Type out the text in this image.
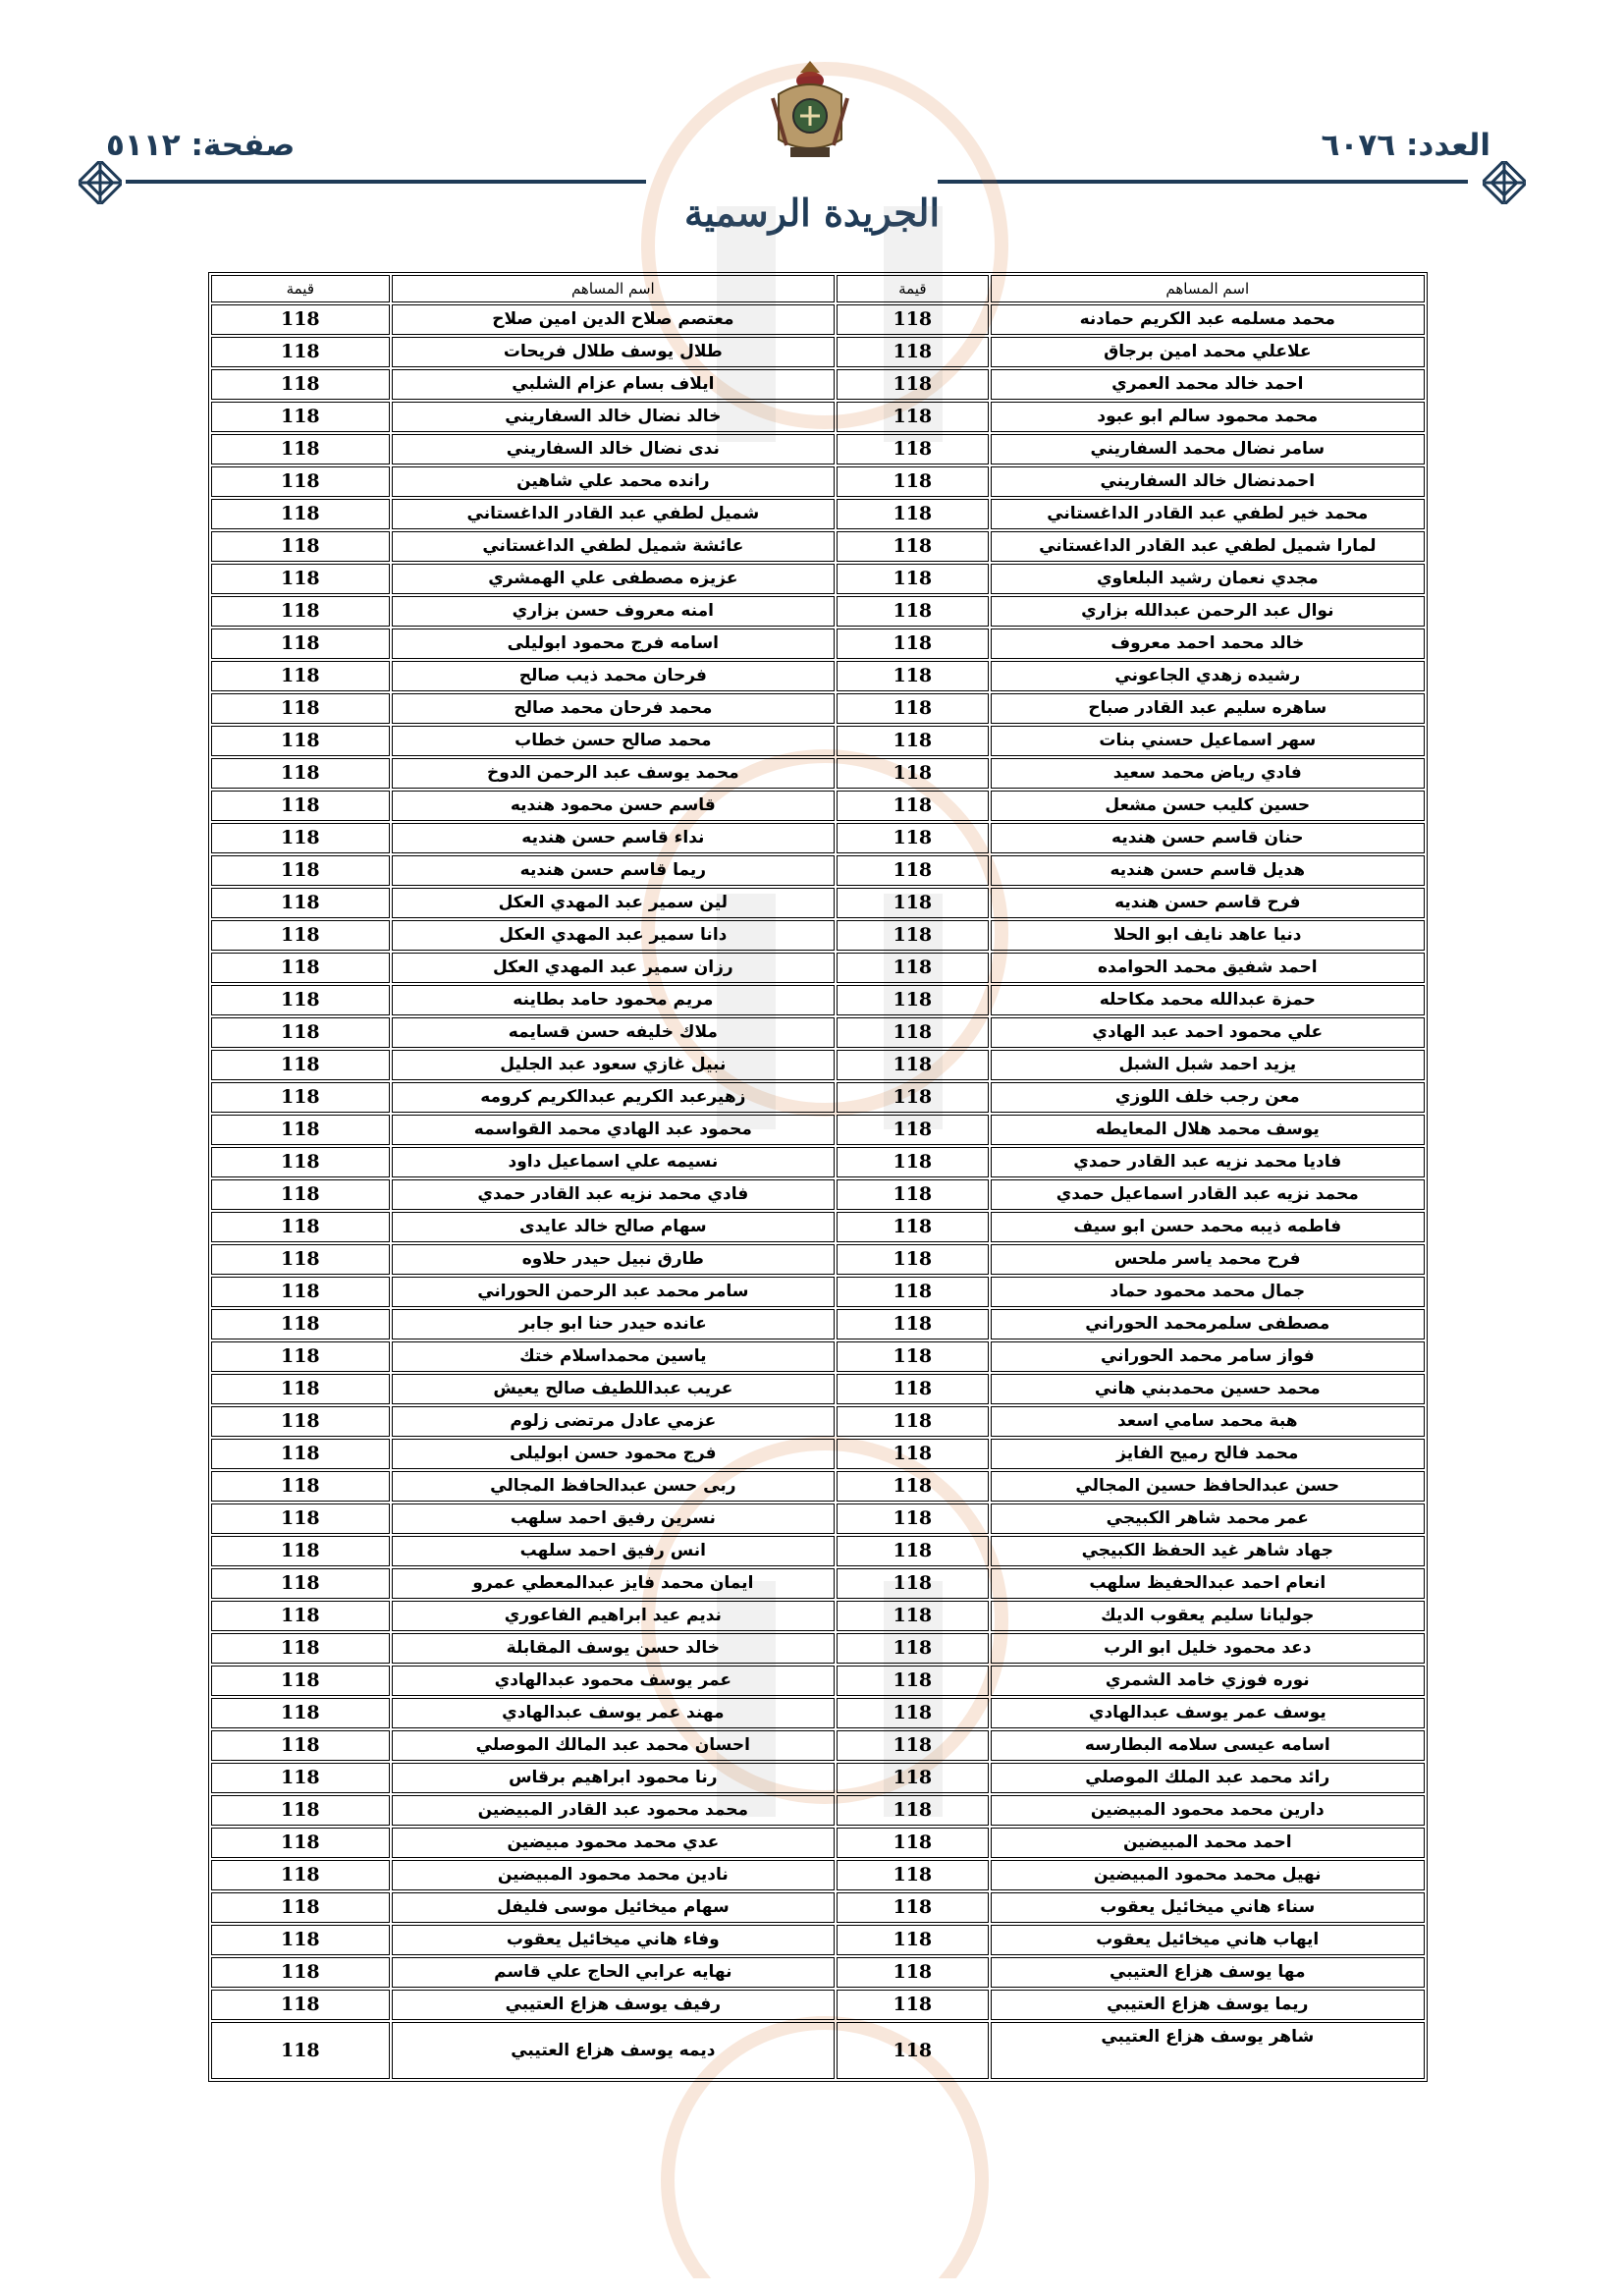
العدد: ٦٠٧٦
صفحة: ٥١١٢
الجريدة الرسمية
اسم المساهم	قيمة	اسم المساهم	قيمة
محمد مسلمه عبد الكريم حمادنه	118	معتصم صلاح الدين امين صلاح	118
علاعلي محمد امين برجاق	118	طلال يوسف طلال فريحات	118
احمد خالد محمد العمري	118	ايلاف بسام عزام الشلبي	118
محمد محمود سالم ابو عبود	118	خالد نضال خالد السفاريني	118
سامر نضال محمد السفاريني	118	ندى نضال خالد السفاريني	118
احمدنضال خالد السفاريني	118	رانده محمد علي شاهين	118
محمد خير لطفي عبد القادر الداغستاني	118	شميل لطفي عبد القادر الداغستاني	118
لمارا شميل لطفي عبد القادر الداغستاني	118	عائشة شميل لطفي الداغستاني	118
مجدي نعمان رشيد البلعاوي	118	عزيزه مصطفى علي الهمشري	118
نوال عبد الرحمن عبدالله بزاري	118	امنه معروف حسن بزاري	118
خالد محمد احمد معروف	118	اسامه فرج محمود ابوليلى	118
رشيده زهدي الجاعوني	118	فرحان محمد ذيب صالح	118
ساهره سليم عبد القادر صباح	118	محمد فرحان محمد صالح	118
سهر اسماعيل حسني بنات	118	محمد صالح حسن خطاب	118
فادي رياض محمد سعيد	118	محمد يوسف عبد الرحمن الدوخ	118
حسين كليب حسن مشعل	118	قاسم حسن محمود هنديه	118
حنان قاسم حسن هنديه	118	نداء قاسم حسن هنديه	118
هديل قاسم حسن هنديه	118	ريما قاسم حسن هنديه	118
فرح قاسم حسن هنديه	118	لين سمير عبد المهدي العكل	118
دنيا عاهد نايف ابو الحلا	118	دانا سمير عبد المهدي العكل	118
احمد شفيق محمد الحوامده	118	رزان سمير عبد المهدي العكل	118
حمزة عبدالله محمد مكاحله	118	مريم محمود حامد بطاينه	118
علي محمود احمد عبد الهادي	118	ملاك خليفه حسن قسايمه	118
يزيد احمد شبل الشبل	118	نبيل غازي سعود عبد الجليل	118
معن رجب خلف اللوزي	118	زهيرعبد الكريم عبدالكريم كرومه	118
يوسف محمد هلال المعايطه	118	محمود عبد الهادي محمد القواسمه	118
فاديا محمد نزيه عبد القادر حمدي	118	نسيمه علي اسماعيل داود	118
محمد نزيه عبد القادر اسماعيل حمدي	118	فادي محمد نزيه عبد القادر حمدي	118
فاطمه ذيبه محمد حسن ابو سيف	118	سهام صالح خالد عايدى	118
فرح محمد ياسر ملحس	118	طارق نبيل حيدر حلاوه	118
جمال محمد محمود حماد	118	سامر محمد عبد الرحمن الحوراني	118
مصطفى سلمرمحمد الحوراني	118	عانده حيدر حنا ابو جابر	118
فواز سامر محمد الحوراني	118	ياسين محمداسلام ختك	118
محمد حسين محمدبني هاني	118	عريب عبداللطيف صالح يعيش	118
هبة محمد سامي اسعد	118	عزمي عادل مرتضى زلوم	118
محمد فالح رميح الفايز	118	فرج محمود حسن ابوليلى	118
حسن عبدالحافظ حسين المجالي	118	ربى حسن عبدالحافظ المجالي	118
عمر محمد شاهر الكبيجي	118	نسرين رفيق احمد سلهب	118
جهاد شاهر غيد الحفظ الكبيجي	118	انس رفيق احمد سلهب	118
انعام احمد عبدالحفيظ سلهب	118	ايمان محمد فايز عبدالمعطي عمرو	118
جوليانا سليم يعقوب الديك	118	نديم عيد ابراهيم الفاعوري	118
دعد محمود خليل ابو الرب	118	خالد حسن يوسف المقابلة	118
نوره فوزي خامد الشمري	118	عمر يوسف محمود عبدالهادي	118
يوسف عمر يوسف عبدالهادي	118	مهند عمر يوسف عبدالهادي	118
اسامه عيسى سلامه البطارسه	118	احسان محمد عبد المالك الموصلي	118
رائد محمد عبد الملك الموصلي	118	رنا محمود ابراهيم برقاس	118
دارين محمد محمود المبيضين	118	محمد محمود عبد القادر المبيضين	118
احمد محمد المبيضين	118	عدي محمد محمود مبيضين	118
نهيل محمد محمود المبيضين	118	نادين محمد محمود المبيضين	118
سناء هاني ميخائيل يعقوب	118	سهام ميخائيل موسى فليفل	118
ايهاب هاني ميخائيل يعقوب	118	وفاء هاني ميخائيل يعقوب	118
مها يوسف هزاع العتيبي	118	نهايه عرابي الحاج علي قاسم	118
ريما يوسف هزاع العتيبي	118	رفيف يوسف هزاع العتيبي	118
شاهر يوسف هزاع العتيبي	118	ديمه يوسف هزاع العتيبي	118
